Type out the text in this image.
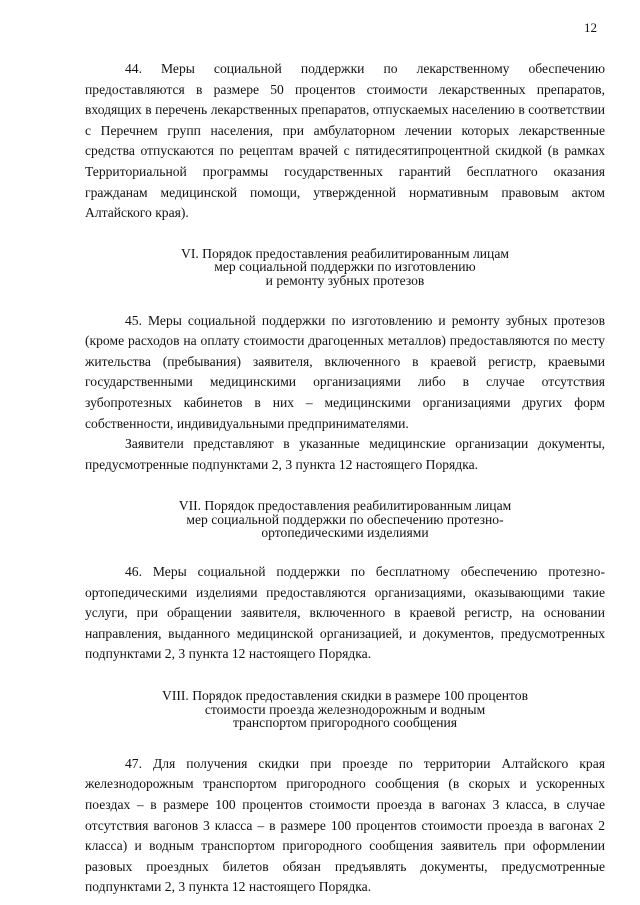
12

44. Меры социальной поддержки по лекарственному обеспечению предоставляются в размере 50 процентов стоимости лекарственных препаратов, входящих в перечень лекарственных препаратов, отпускаемых населению в соответствии с Перечнем групп населения, при амбулаторном лечении которых лекарственные средства отпускаются по рецептам врачей с пятидесятипроцентной скидкой (в рамках Территориальной программы государственных гарантий бесплатного оказания гражданам медицинской помощи, утвержденной нормативным правовым актом Алтайского края).

VI. Порядок предоставления реабилитированным лицам
мер социальной поддержки по изготовлению
и ремонту зубных протезов

45. Меры социальной поддержки по изготовлению и ремонту зубных протезов (кроме расходов на оплату стоимости драгоценных металлов) предоставляются по месту жительства (пребывания) заявителя, включенного в краевой регистр, краевыми государственными медицинскими организациями либо в случае отсутствия зубопротезных кабинетов в них – медицинскими организациями других форм собственности, индивидуальными предпринимателями.

Заявители представляют в указанные медицинские организации документы, предусмотренные подпунктами 2, 3 пункта 12 настоящего Порядка.

VII. Порядок предоставления реабилитированным лицам
мер социальной поддержки по обеспечению протезно-
ортопедическими изделиями

46. Меры социальной поддержки по бесплатному обеспечению протезно-ортопедическими изделиями предоставляются организациями, оказывающими такие услуги, при обращении заявителя, включенного в краевой регистр, на основании направления, выданного медицинской организацией, и документов, предусмотренных подпунктами 2, 3 пункта 12 настоящего Порядка.

VIII. Порядок предоставления скидки в размере 100 процентов
стоимости проезда железнодорожным и водным
транспортом пригородного сообщения

47. Для получения скидки при проезде по территории Алтайского края железнодорожным транспортом пригородного сообщения (в скорых и ускоренных поездах – в размере 100 процентов стоимости проезда в вагонах 3 класса, в случае отсутствия вагонов 3 класса – в размере 100 процентов стоимости проезда в вагонах 2 класса) и водным транспортом пригородного сообщения заявитель при оформлении разовых проездных билетов обязан предъявлять документы, предусмотренные подпунктами 2, 3 пункта 12 настоящего Порядка.
